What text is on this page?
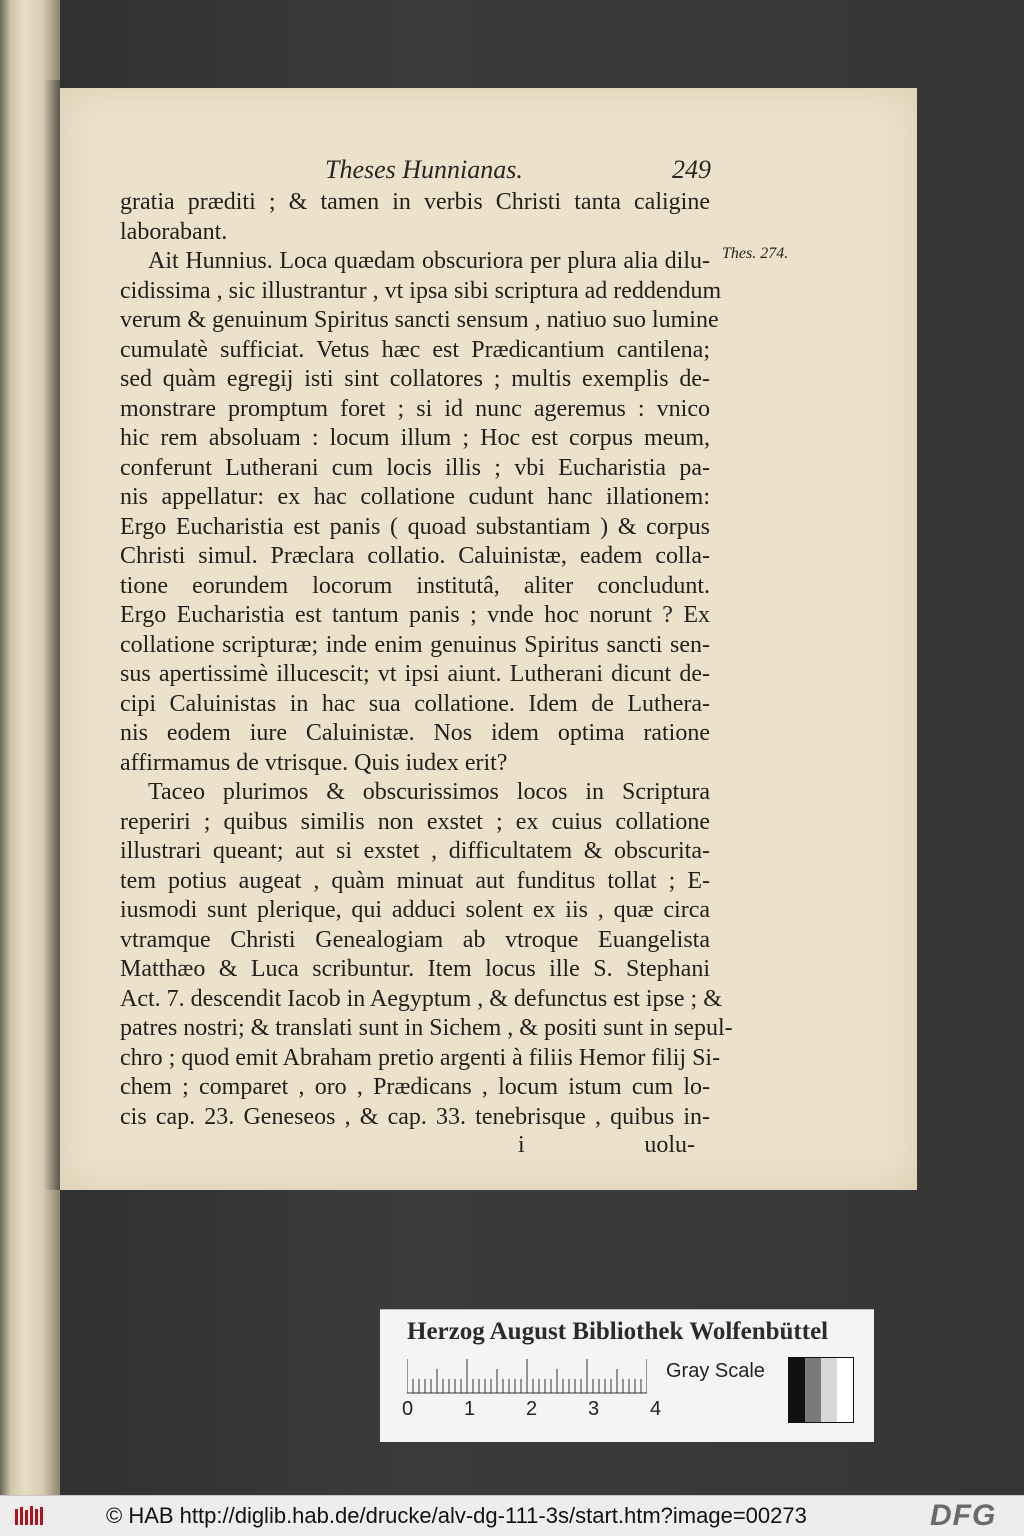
Theses Hunnianas.	249
Thes. 274.
gratia præditi ; & tamen in verbis Christi tanta caligine
laborabant.
Ait Hunnius. Loca quædam obscuriora per plura alia dilu-
cidissima , sic illustrantur , vt ipsa sibi scriptura ad reddendum
verum & genuinum Spiritus sancti sensum , natiuo suo lumine
cumulatè sufficiat. Vetus hæc est Prædicantium cantilena;
sed quàm egregij isti sint collatores ; multis exemplis de-
monstrare promptum foret ; si id nunc ageremus : vnico
hic rem absoluam : locum illum ; Hoc est corpus meum,
conferunt Lutherani cum locis illis ; vbi Eucharistia pa-
nis appellatur: ex hac collatione cudunt hanc illationem:
Ergo Eucharistia est panis ( quoad substantiam ) & corpus
Christi simul. Præclara collatio. Caluinistæ, eadem colla-
tione eorundem locorum institutâ, aliter concludunt.
Ergo Eucharistia est tantum panis ; vnde hoc norunt ? Ex
collatione scripturæ; inde enim genuinus Spiritus sancti sen-
sus apertissimè illucescit; vt ipsi aiunt. Lutherani dicunt de-
cipi Caluinistas in hac sua collatione. Idem de Luthera-
nis eodem iure Caluinistæ. Nos idem optima ratione
affirmamus de vtrisque. Quis iudex erit?
Taceo plurimos & obscurissimos locos in Scriptura
reperiri ; quibus similis non exstet ; ex cuius collatione
illustrari queant; aut si exstet , difficultatem & obscurita-
tem potius augeat , quàm minuat aut funditus tollat ; E-
iusmodi sunt plerique, qui adduci solent ex iis , quæ circa
vtramque Christi Genealogiam ab vtroque Euangelista
Matthæo & Luca scribuntur. Item locus ille S. Stephani
Act. 7. descendit Iacob in Aegyptum , & defunctus est ipse ; &
patres nostri; & translati sunt in Sichem , & positi sunt in sepul-
chro ; quod emit Abraham pretio argenti à filiis Hemor filij Si-
chem ; comparet , oro , Prædicans , locum istum cum lo-
cis cap. 23. Geneseos , & cap. 33. tenebrisque , quibus in-
i	uolu-
Herzog August Bibliothek Wolfenbüttel
Gray Scale
0	1	2	3	4
© HAB http://diglib.hab.de/drucke/alv-dg-111-3s/start.htm?image=00273	DFG
